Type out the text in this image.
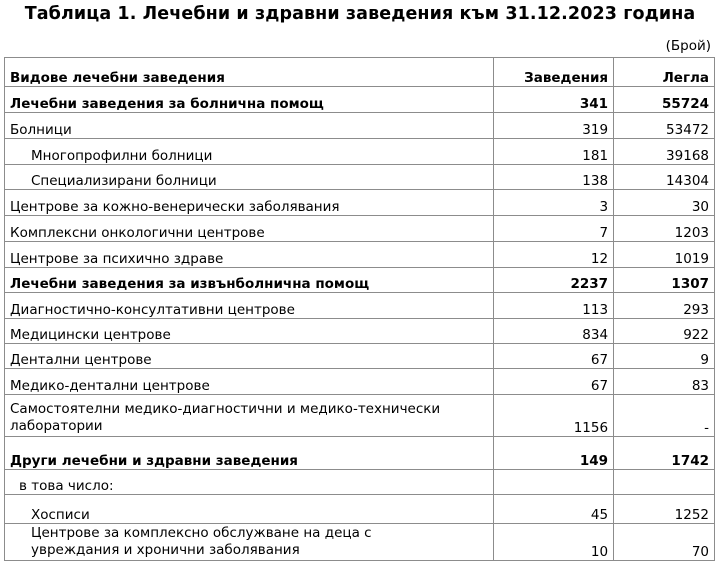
Таблица 1. Лечебни и здравни заведения към 31.12.2023 година
(Брой)
Видове лечебни заведения	Заведения	Легла
Лечебни заведения за болнична помощ	341	55724
Болници	319	53472
Многопрофилни болници	181	39168
Специализирани болници	138	14304
Центрове за кожно-венерически заболявания	3	30
Комплексни онкологични центрове	7	1203
Центрове за психично здраве	12	1019
Лечебни заведения за извънболнична помощ	2237	1307
Диагностично-консултативни центрове	113	293
Медицински центрове	834	922
Дентални центрове	67	9
Медико-дентални центрове	67	83
Самостоятелни медико-диагностични и медико-технически лаборатории	1156	-
Други лечебни и здравни заведения	149	1742
в това число:		
Хосписи	45	1252
Центрове за комплексно обслужване на деца с увреждания и хронични заболявания	10	70
